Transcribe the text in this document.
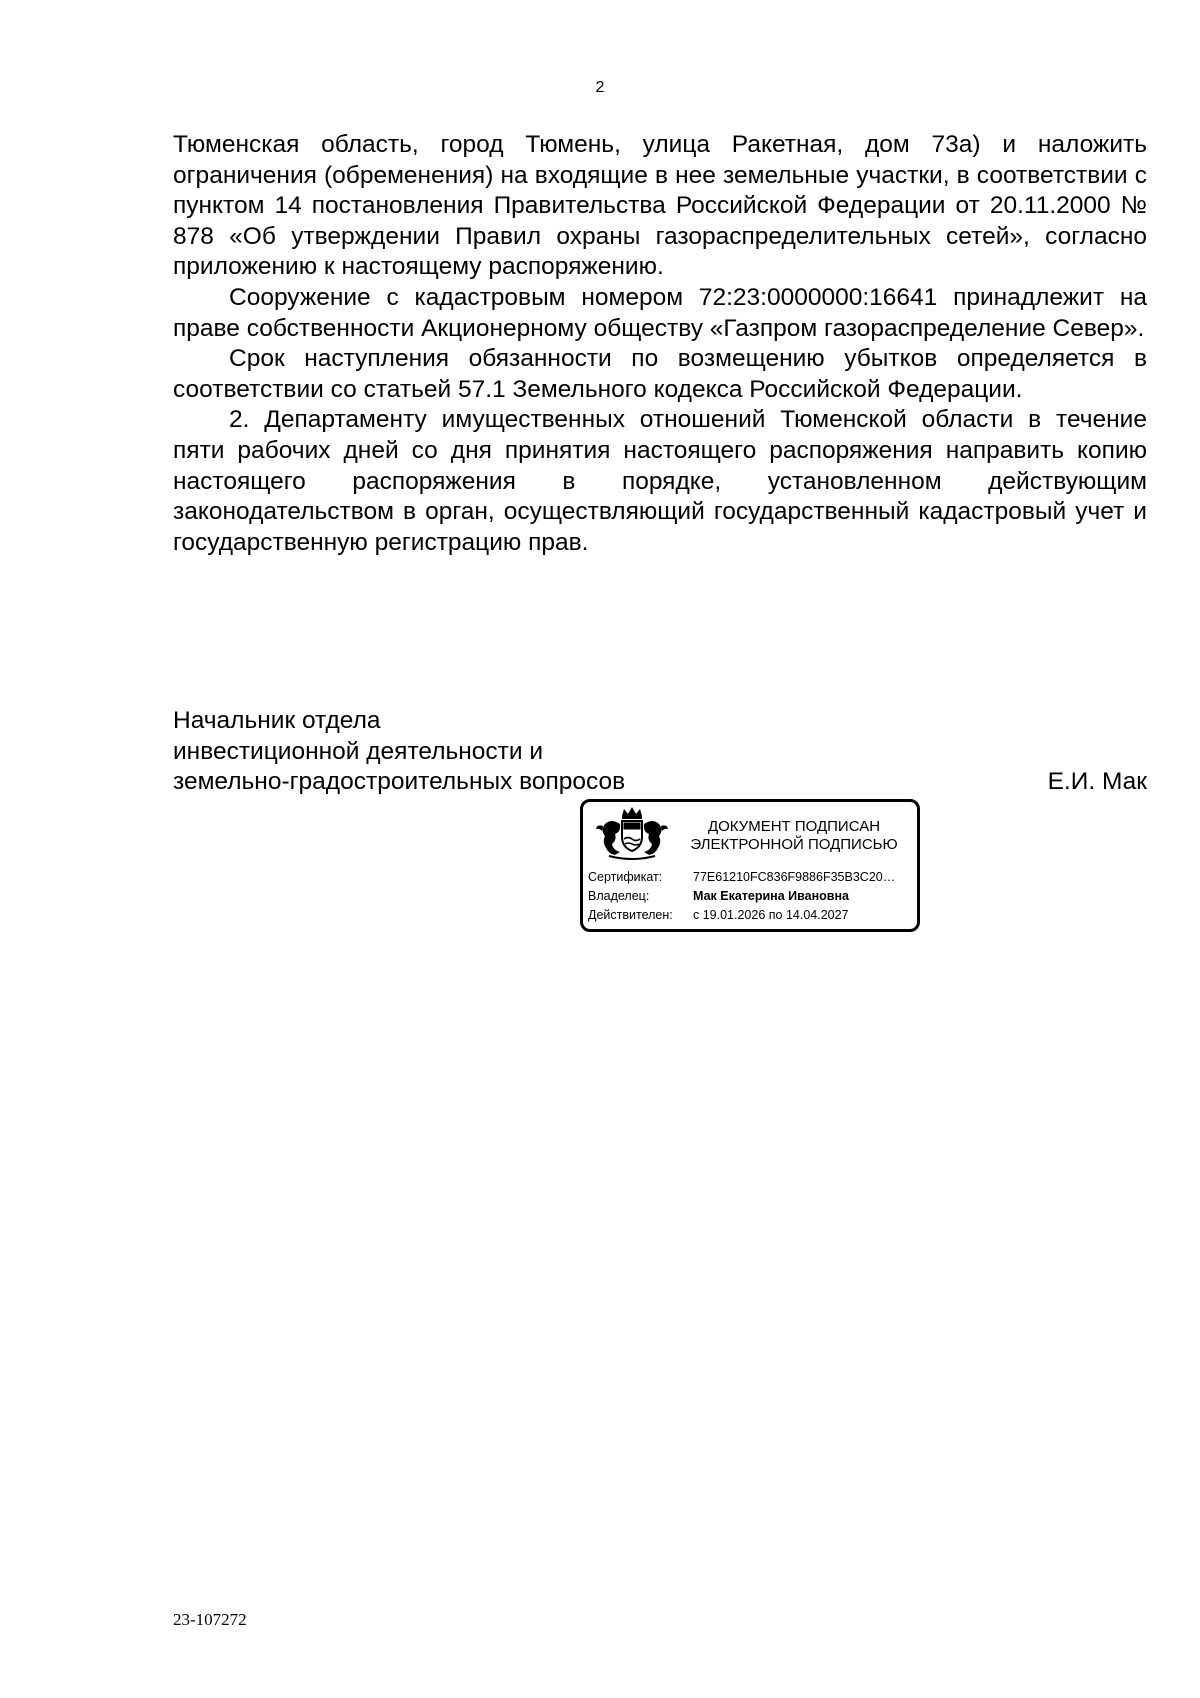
2

Тюменская область, город Тюмень, улица Ракетная, дом 73а) и наложить ограничения (обременения) на входящие в нее земельные участки, в соответствии с пунктом 14 постановления Правительства Российской Федерации от 20.11.2000 № 878 «Об утверждении Правил охраны газораспределительных сетей», согласно приложению к настоящему распоряжению.

Сооружение с кадастровым номером 72:23:0000000:16641 принадлежит на праве собственности Акционерному обществу «Газпром газораспределение Север».

Срок наступления обязанности по возмещению убытков определяется в соответствии со статьей 57.1 Земельного кодекса Российской Федерации.

2. Департаменту имущественных отношений Тюменской области в течение пяти рабочих дней со дня принятия настоящего распоряжения направить копию настоящего распоряжения в порядке, установленном действующим законодательством в орган, осуществляющий государственный кадастровый учет и государственную регистрацию прав.

Начальник отдела
инвестиционной деятельности и
земельно-градостроительных вопросов	Е.И. Мак
ДОКУМЕНТ ПОДПИСАН
ЭЛЕКТРОННОЙ ПОДПИСЬЮ
Сертификат: 77E61210FC836F9886F35B3C20…
Владелец:	Мак Екатерина Ивановна
Действителен: с 19.01.2026 по 14.04.2027
23-107272
